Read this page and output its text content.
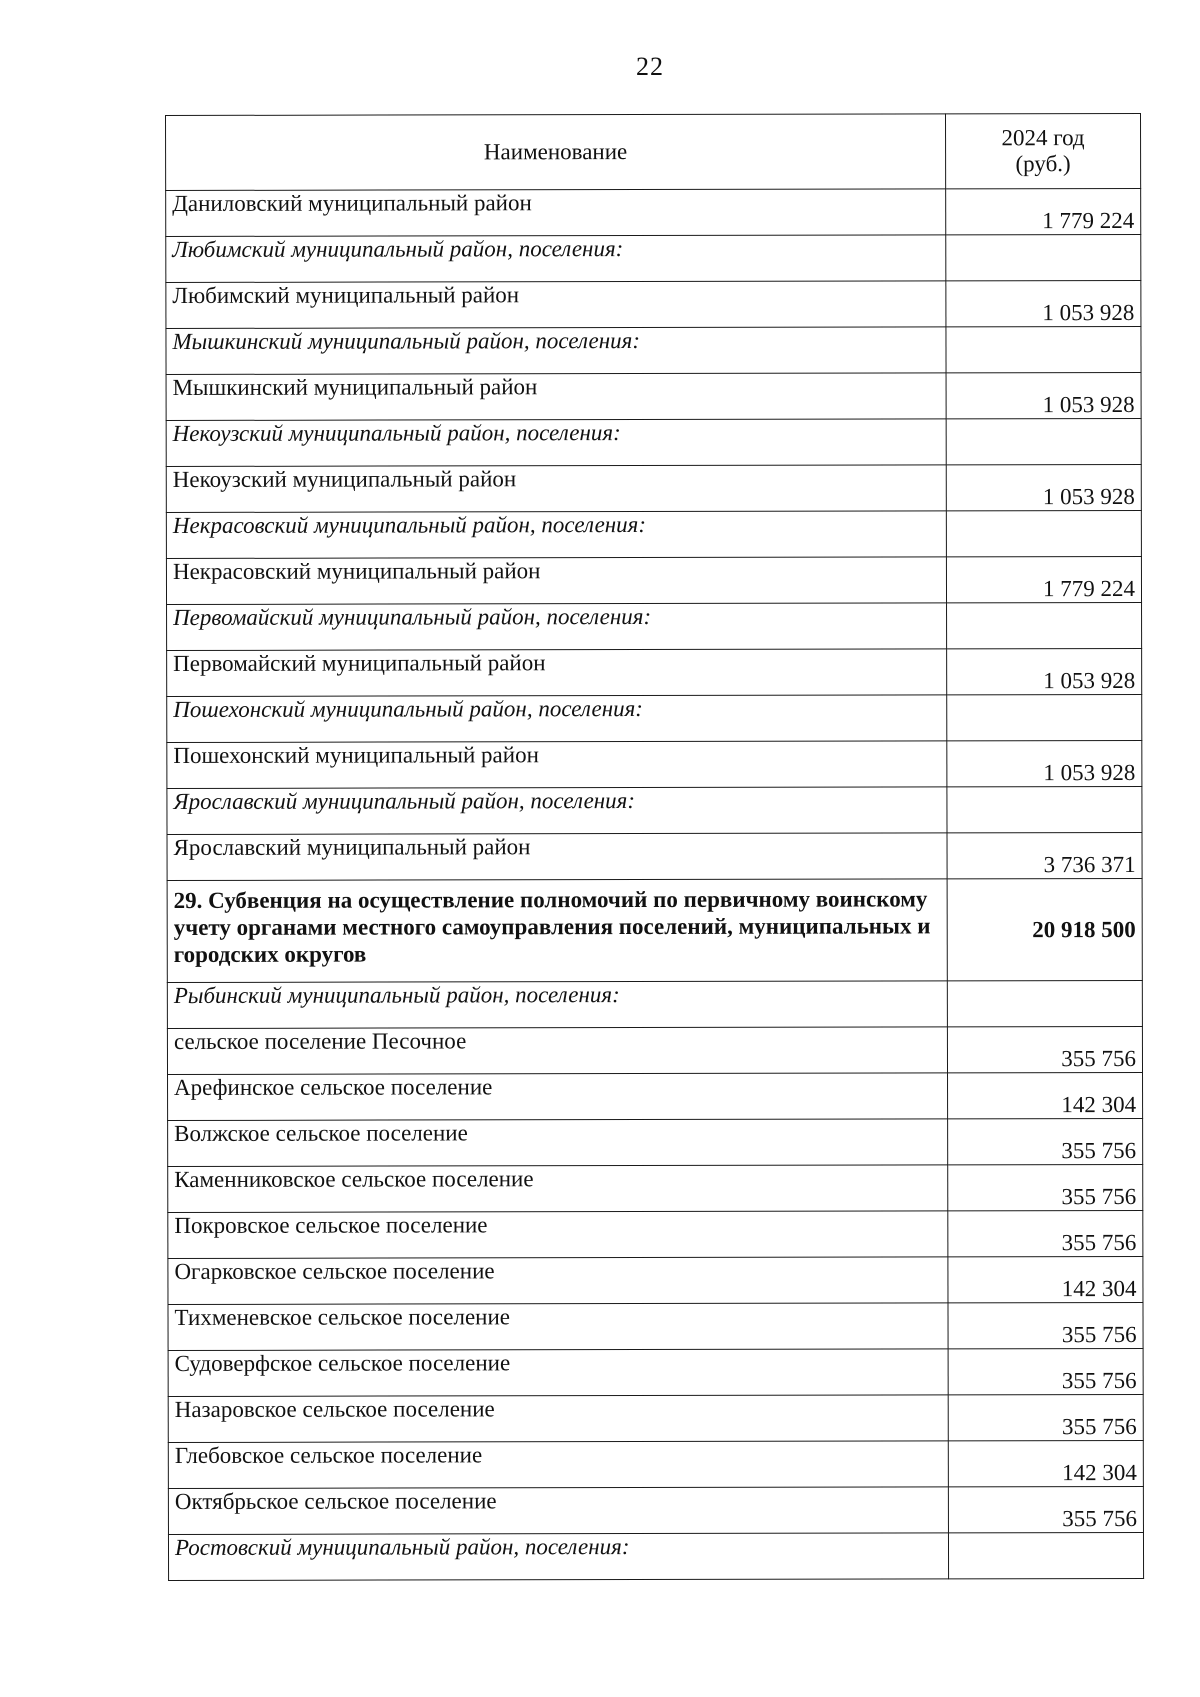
22
Наименование	2024 год
(руб.)

Даниловский муниципальный район	1 779 224
Любимский муниципальный район, поселения:	
Любимский муниципальный район	1 053 928
Мышкинский муниципальный район, поселения:	
Мышкинский муниципальный район	1 053 928
Некоузский муниципальный район, поселения:	
Некоузский муниципальный район	1 053 928
Некрасовский муниципальный район, поселения:	
Некрасовский муниципальный район	1 779 224
Первомайский муниципальный район, поселения:	
Первомайский муниципальный район	1 053 928
Пошехонский муниципальный район, поселения:	
Пошехонский муниципальный район	1 053 928
Ярославский муниципальный район, поселения:	
Ярославский муниципальный район	3 736 371
29. Субвенция на осуществление полномочий по первичному воинскому учету органами местного самоуправления поселений, муниципальных и городских округов	20 918 500
Рыбинский муниципальный район, поселения:	
сельское поселение Песочное	355 756
Арефинское сельское поселение	142 304
Волжское сельское поселение	355 756
Каменниковское сельское поселение	355 756
Покровское сельское поселение	355 756
Огарковское сельское поселение	142 304
Тихменевское сельское поселение	355 756
Судоверфское сельское поселение	355 756
Назаровское сельское поселение	355 756
Глебовское сельское поселение	142 304
Октябрьское сельское поселение	355 756
Ростовский муниципальный район, поселения:	
